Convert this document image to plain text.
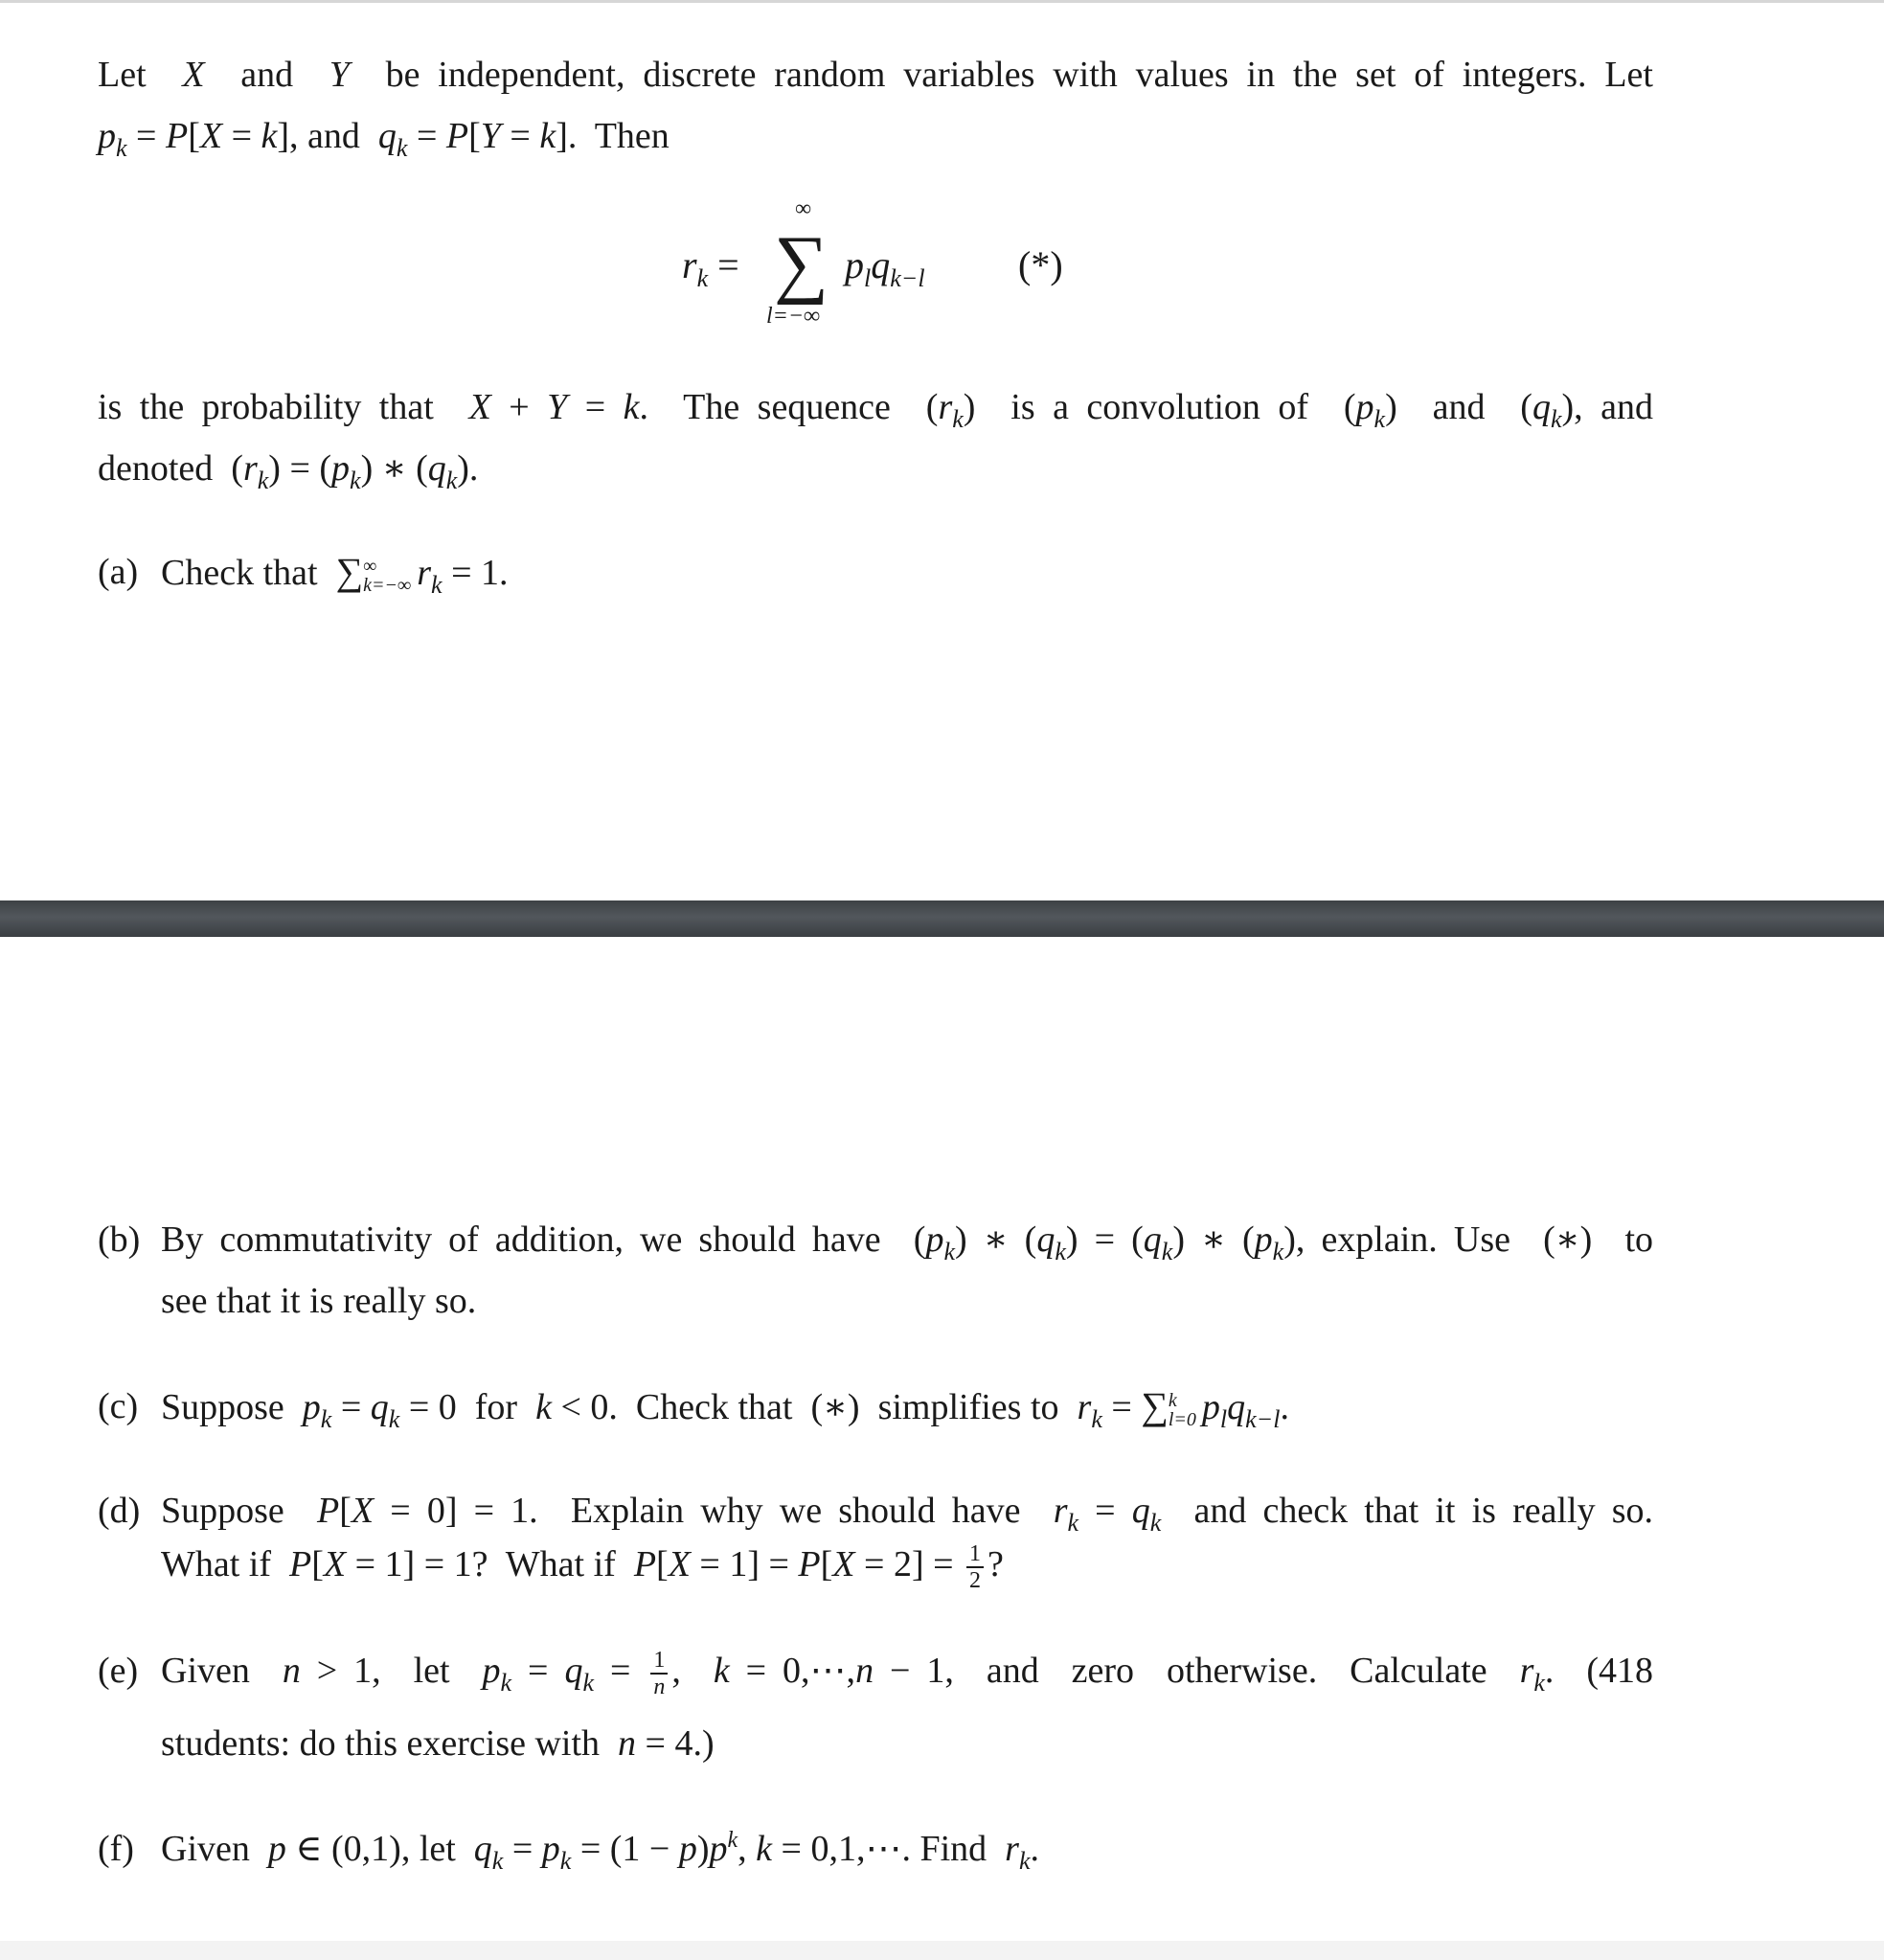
Let  X  and  Y  be independent, discrete random variables with values in the set of integers. Let
$p_k = P[X = k]$, and  $q_k = P[Y = k]$.  Then
$r_k$ =
∞
∑
l=−∞
$p_lq_{k-l}$ (*)
is the probability that  X + Y = k.  The sequence  $(r_k)$  is a convolution of  $(p_k)$  and  $(q_k)$, and
denoted  $(r_k) = (p_k)$ ∗ $(q_k)$.
(a) Check that  ∑∞
k=−∞ $r_k = 1$.
(b) By commutativity of addition, we should have  $(p_k)$ ∗ $(q_k) = (q_k)$ ∗ $(p_k)$, explain. Use  (∗)  to
see that it is really so.
(c) Suppose  $p_k = q_k = 0$  for  k < 0.  Check that  (∗)  simplifies to  $r_k = \sum k$
l=0 $p_lq_{k-l}$.
(d) Suppose  P[X = 0] = 1.  Explain why we should have  $r_k = q_k$  and check that it is really so.
What if  P[X = 1] = 1?  What if  $P[X = 1] = P[X = 2] = \frac{1}{2}$ ?
(e) Given  n > 1,  let  $p_k = q_k = \frac{1}{n}$ ,  k = 0,⋯,n − 1,  and  zero  otherwise.  Calculate  $r_k$.  (418
students: do this exercise with  n = 4.)
(f) Given  p ∈ (0,1), let  $q_k = p_k = (1 - p)p^k$, k = 0,1,⋯. Find  $r_k$.
